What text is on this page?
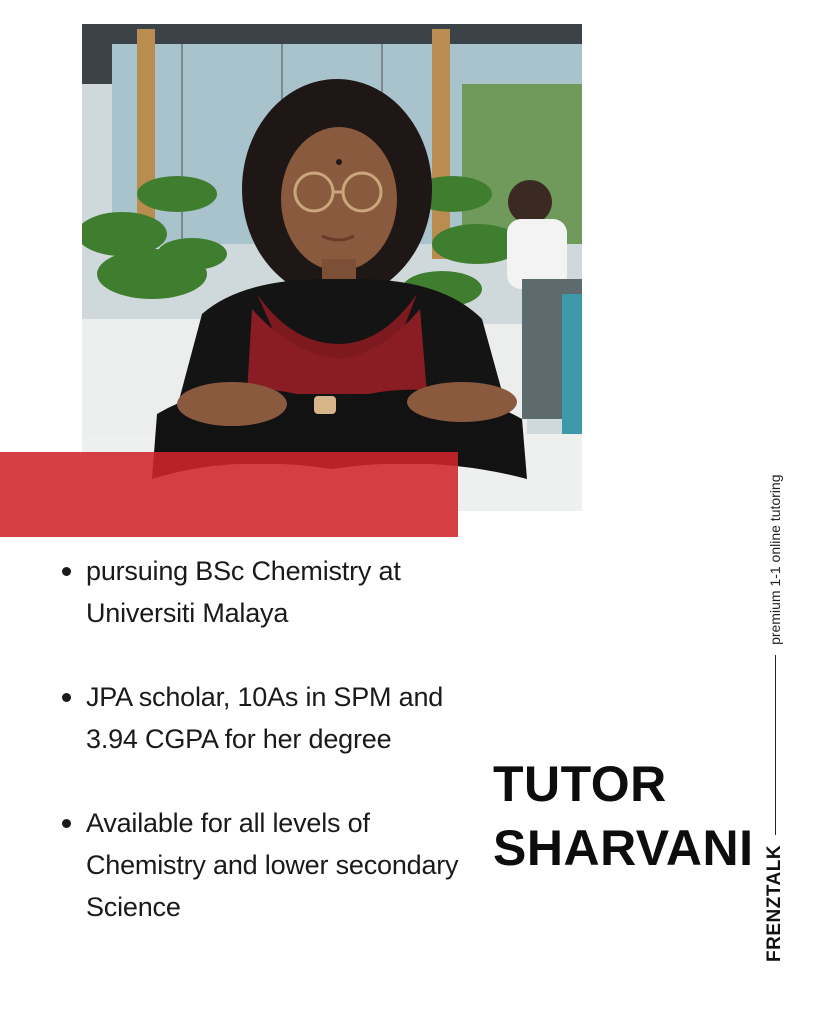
pursuing BSc Chemistry at
Universiti Malaya
JPA scholar, 10As in SPM and
3.94 CGPA for her degree
Available for all levels of
Chemistry and lower secondary
Science
TUTOR
SHARVANI FRENZTALK
premium 1-1 online tutoring
